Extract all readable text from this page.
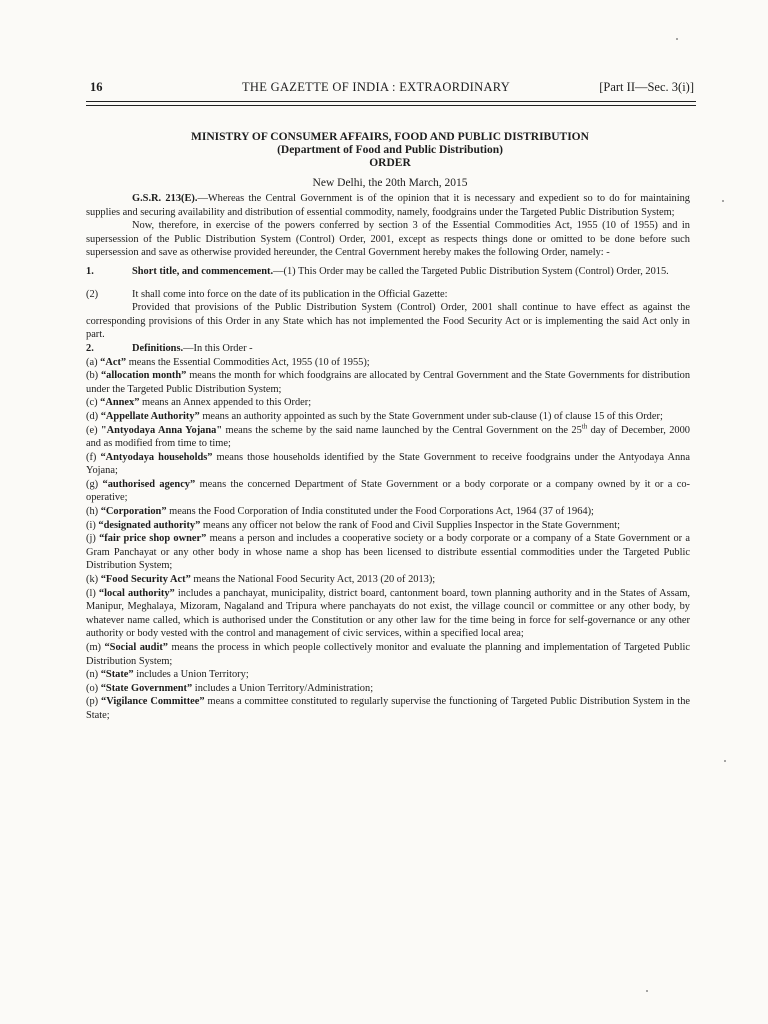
16	THE GAZETTE OF INDIA : EXTRAORDINARY	[Part II—Sec. 3(i)]
MINISTRY OF CONSUMER AFFAIRS, FOOD AND PUBLIC DISTRIBUTION
(Department of Food and Public Distribution)
ORDER
New Delhi, the 20th March, 2015

G.S.R. 213(E).—Whereas the Central Government is of the opinion that it is necessary and expedient so to do for maintaining supplies and securing availability and distribution of essential commodity, namely, foodgrains under the Targeted Public Distribution System;

Now, therefore, in exercise of the powers conferred by section 3 of the Essential Commodities Act, 1955 (10 of 1955) and in supersession of the Public Distribution System (Control) Order, 2001, except as respects things done or omitted to be done before such supersession and save as otherwise provided hereunder, the Central Government hereby makes the following Order, namely: -

1.	Short title, and commencement.—(1) This Order may be called the Targeted Public Distribution System (Control) Order, 2015.

(2)	It shall come into force on the date of its publication in the Official Gazette:

Provided that provisions of the Public Distribution System (Control) Order, 2001 shall continue to have effect as against the corresponding provisions of this Order in any State which has not implemented the Food Security Act or is implementing the said Act only in part.

2.	Definitions.—In this Order -

(a) “Act” means the Essential Commodities Act, 1955 (10 of 1955);

(b) “allocation month” means the month for which foodgrains are allocated by Central Government and the State Governments for distribution under the Targeted Public Distribution System;

(c) “Annex” means an Annex appended to this Order;

(d) “Appellate Authority” means an authority appointed as such by the State Government under sub-clause (1) of clause 15 of this Order;

(e) "Antyodaya Anna Yojana" means the scheme by the said name launched by the Central Government on the 25th day of December, 2000 and as modified from time to time;

(f) “Antyodaya households” means those households identified by the State Government to receive foodgrains under the Antyodaya Anna Yojana;

(g) “authorised agency” means the concerned Department of State Government or a body corporate or a company owned by it or a co-operative;

(h) “Corporation” means the Food Corporation of India constituted under the Food Corporations Act, 1964 (37 of 1964);

(i) “designated authority” means any officer not below the rank of Food and Civil Supplies Inspector in the State Government;

(j) “fair price shop owner” means a person and includes a cooperative society or a body corporate or a company of a State Government or a Gram Panchayat or any other body in whose name a shop has been licensed to distribute essential commodities under the Targeted Public Distribution System;

(k) “Food Security Act” means the National Food Security Act, 2013 (20 of 2013);

(l) “local authority” includes a panchayat, municipality, district board, cantonment board, town planning authority and in the States of Assam, Manipur, Meghalaya, Mizoram, Nagaland and Tripura where panchayats do not exist, the village council or committee or any other body, by whatever name called, which is authorised under the Constitution or any other law for the time being in force for self-governance or any other authority or body vested with the control and management of civic services, within a specified local area;

(m) “Social audit” means the process in which people collectively monitor and evaluate the planning and implementation of Targeted Public Distribution System;

(n) “State” includes a Union Territory;

(o) “State Government” includes a Union Territory/Administration;

(p) “Vigilance Committee” means a committee constituted to regularly supervise the functioning of Targeted Public Distribution System in the State;
